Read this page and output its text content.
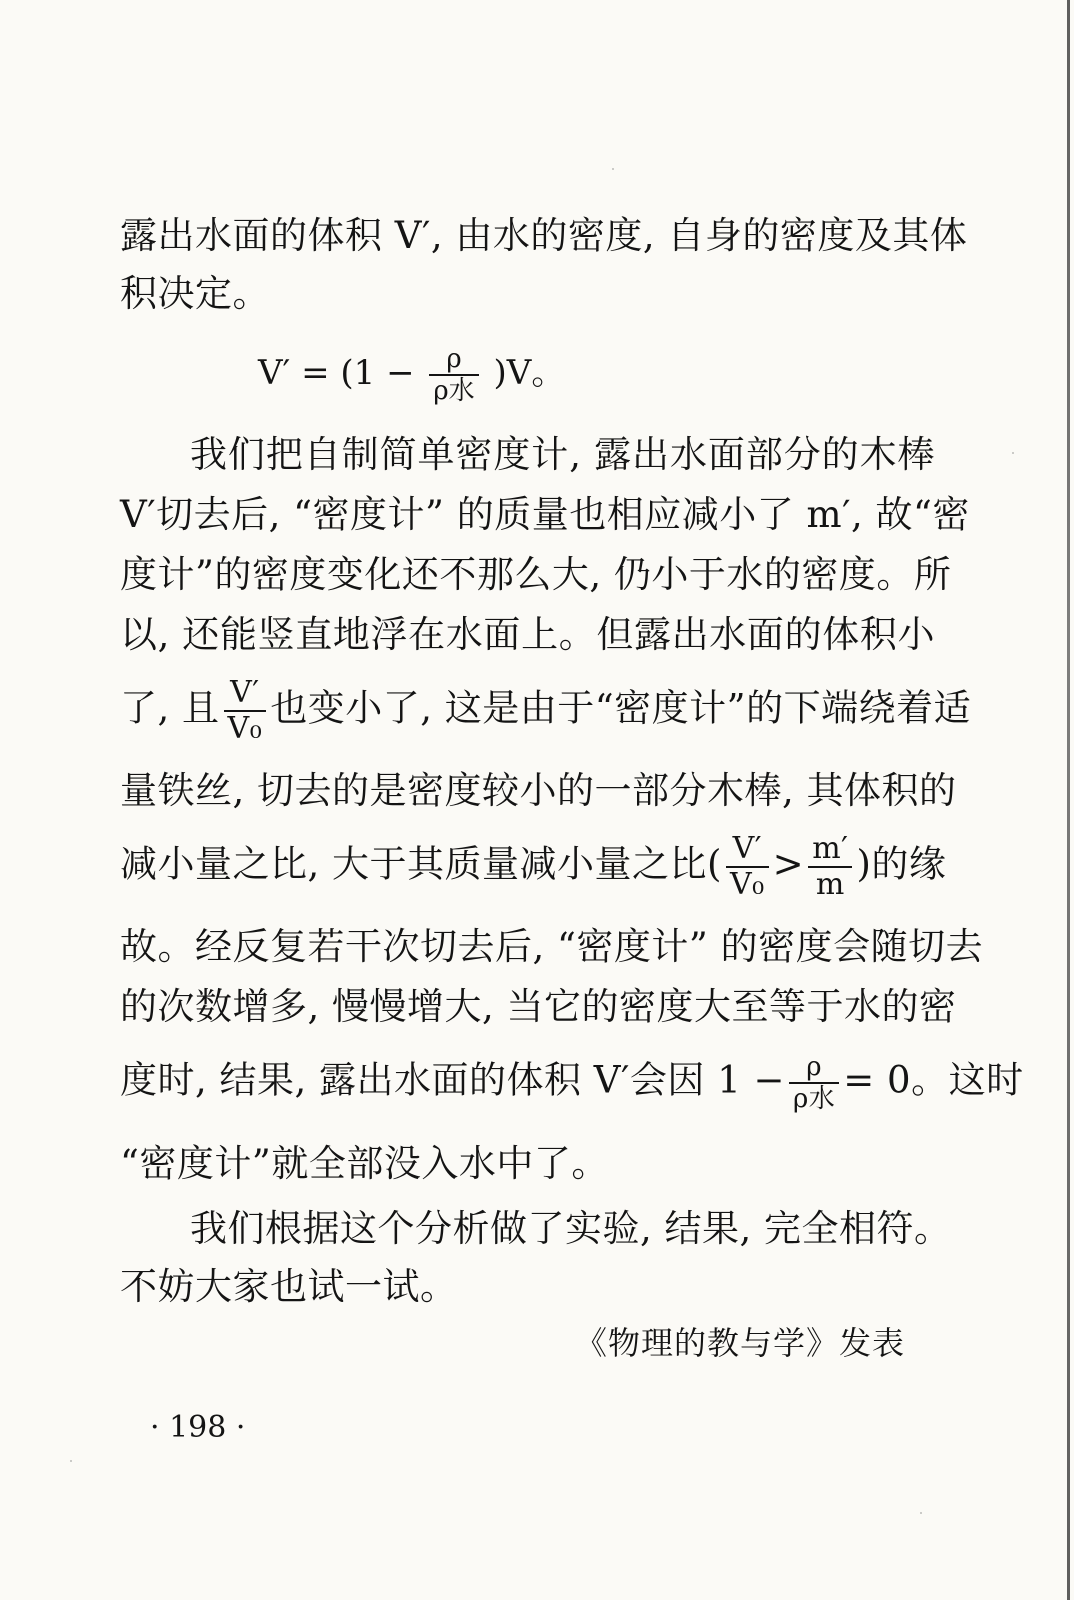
露出水面的体积 V′, 由水的密度, 自身的密度及其体
积决定。
$V' = (1 - \frac{\rho}{\text{ρ水}} )V$。
我们把自制简单密度计, 露出水面部分的木棒
V′切去后, “密度计” 的质量也相应减小了 m′, 故“密
度计”的密度变化还不那么大, 仍小于水的密度。所
以, 还能竖直地浮在水面上。但露出水面的体积小
了, 且 $\frac{V'}{\text{V₀}}$ 也变小了, 这是由于“密度计”的下端绕着适
量铁丝, 切去的是密度较小的一部分木棒, 其体积的
减小量之比, 大于其质量减小量之比( $\frac{V'}{\text{V₀}} > \frac{m'}{m}$ )的缘
故。经反复若干次切去后, “密度计” 的密度会随切去
的次数增多, 慢慢增大, 当它的密度大至等于水的密
度时, 结果, 露出水面的体积 V′会因 $1 - \frac{\rho}{\text{ρ水}} = 0$。这时
“密度计”就全部没入水中了。
我们根据这个分析做了实验, 结果, 完全相符。
不妨大家也试一试。
《物理的教与学》发表
· 198 ·
